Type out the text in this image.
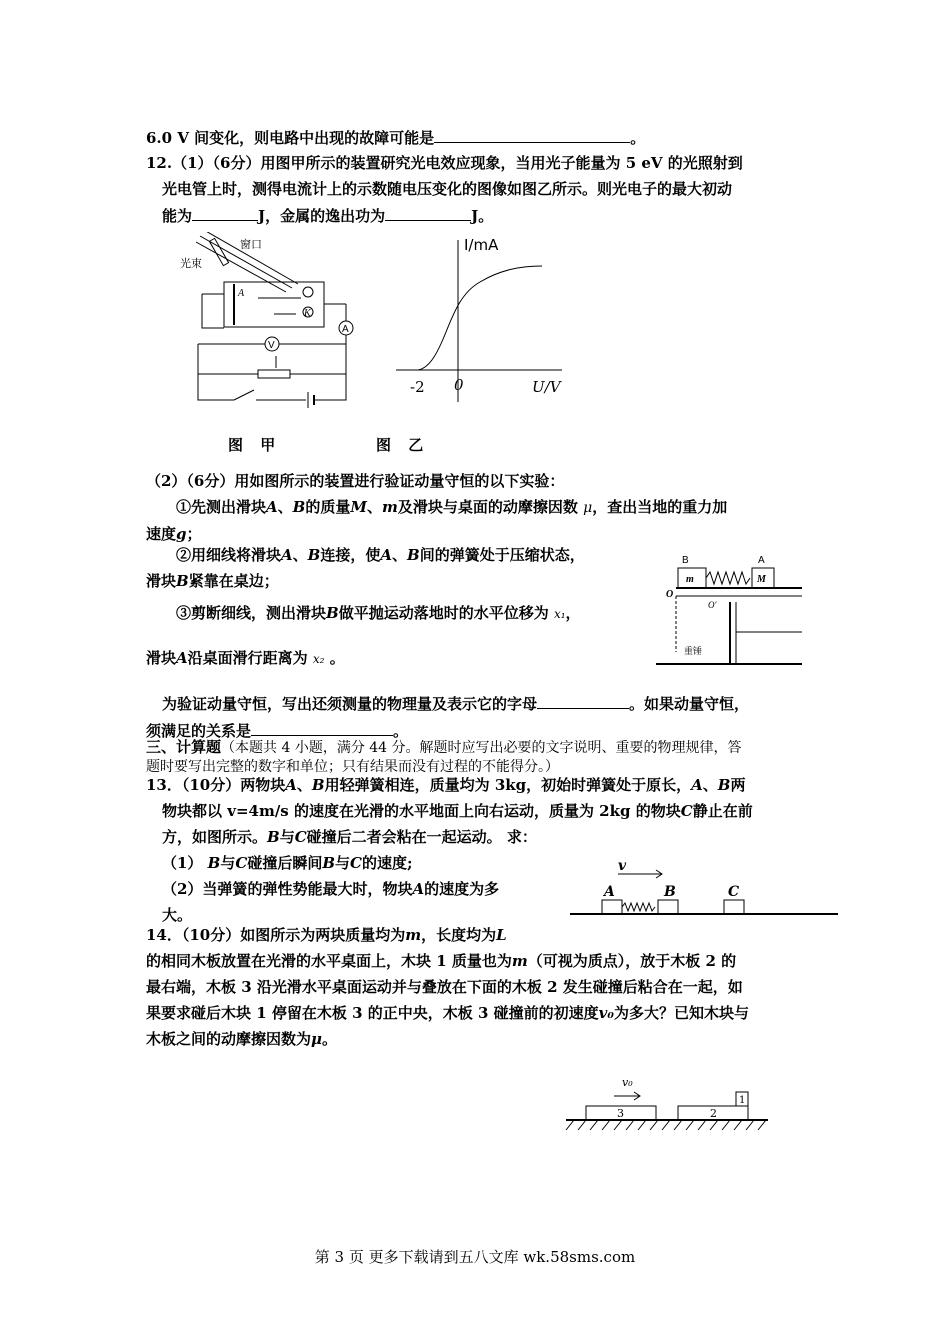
6.0 V 间变化，则电路中出现的故障可能是	。

12.（1）（6分）用图甲所示的装置研究光电效应现象，当用光子能量为 5 eV 的光照射到

光电管上时，测得电流计上的示数随电压变化的图像如图乙所示。则光电子的最大初动

能为	J，金属的逸出功为	J。

窗口
光束
A
K
A
V
图 甲
I/mA
U/V
-2 0
图 乙

（2）（6分）用如图所示的装置进行验证动量守恒的以下实验：

①先测出滑块A、B的质量M、m及滑块与桌面的动摩擦因数 μ，查出当地的重力加

速度g；

②用细线将滑块A、B连接，使A、B间的弹簧处于压缩状态，

滑块B紧靠在桌边；

③剪断细线，测出滑块B做平抛运动落地时的水平位移为 x₁，

滑块A沿桌面滑行距离为 x₂ 。

B	A
m	M
O
O'
重锤

为验证动量守恒，写出还须测量的物理量及表示它的字母	。如果动量守恒，

须满足的关系是	。

三、计算题（本题共 4 小题，满分 44 分。解题时应写出必要的文字说明、重要的物理规律，答

题时要写出完整的数字和单位；只有结果而没有过程的不能得分。）

13．（10分）两物块A、B用轻弹簧相连，质量均为 3kg，初始时弹簧处于原长，A、B两

物块都以 v=4m/s 的速度在光滑的水平地面上向右运动，质量为 2kg 的物块C静止在前

方，如图所示。B与C碰撞后二者会粘在一起运动。 求：

（1） B与C碰撞后瞬间B与C的速度;

（2）当弹簧的弹性势能最大时，物块A的速度为多

大。

v
A	B	C

14．（10分）如图所示为两块质量均为m，长度均为L

的相同木板放置在光滑的水平桌面上，木块 1 质量也为m（可视为质点），放于木板 2 的

最右端，木板 3 沿光滑水平桌面运动并与叠放在下面的木板 2 发生碰撞后粘合在一起，如

果要求碰后木块 1 停留在木板 3 的正中央，木板 3 碰撞前的初速度v₀为多大？已知木块与

木板之间的动摩擦因数为μ。

v₀
3	2
1
第 3 页 更多下载请到五八文库 wk.58sms.com
